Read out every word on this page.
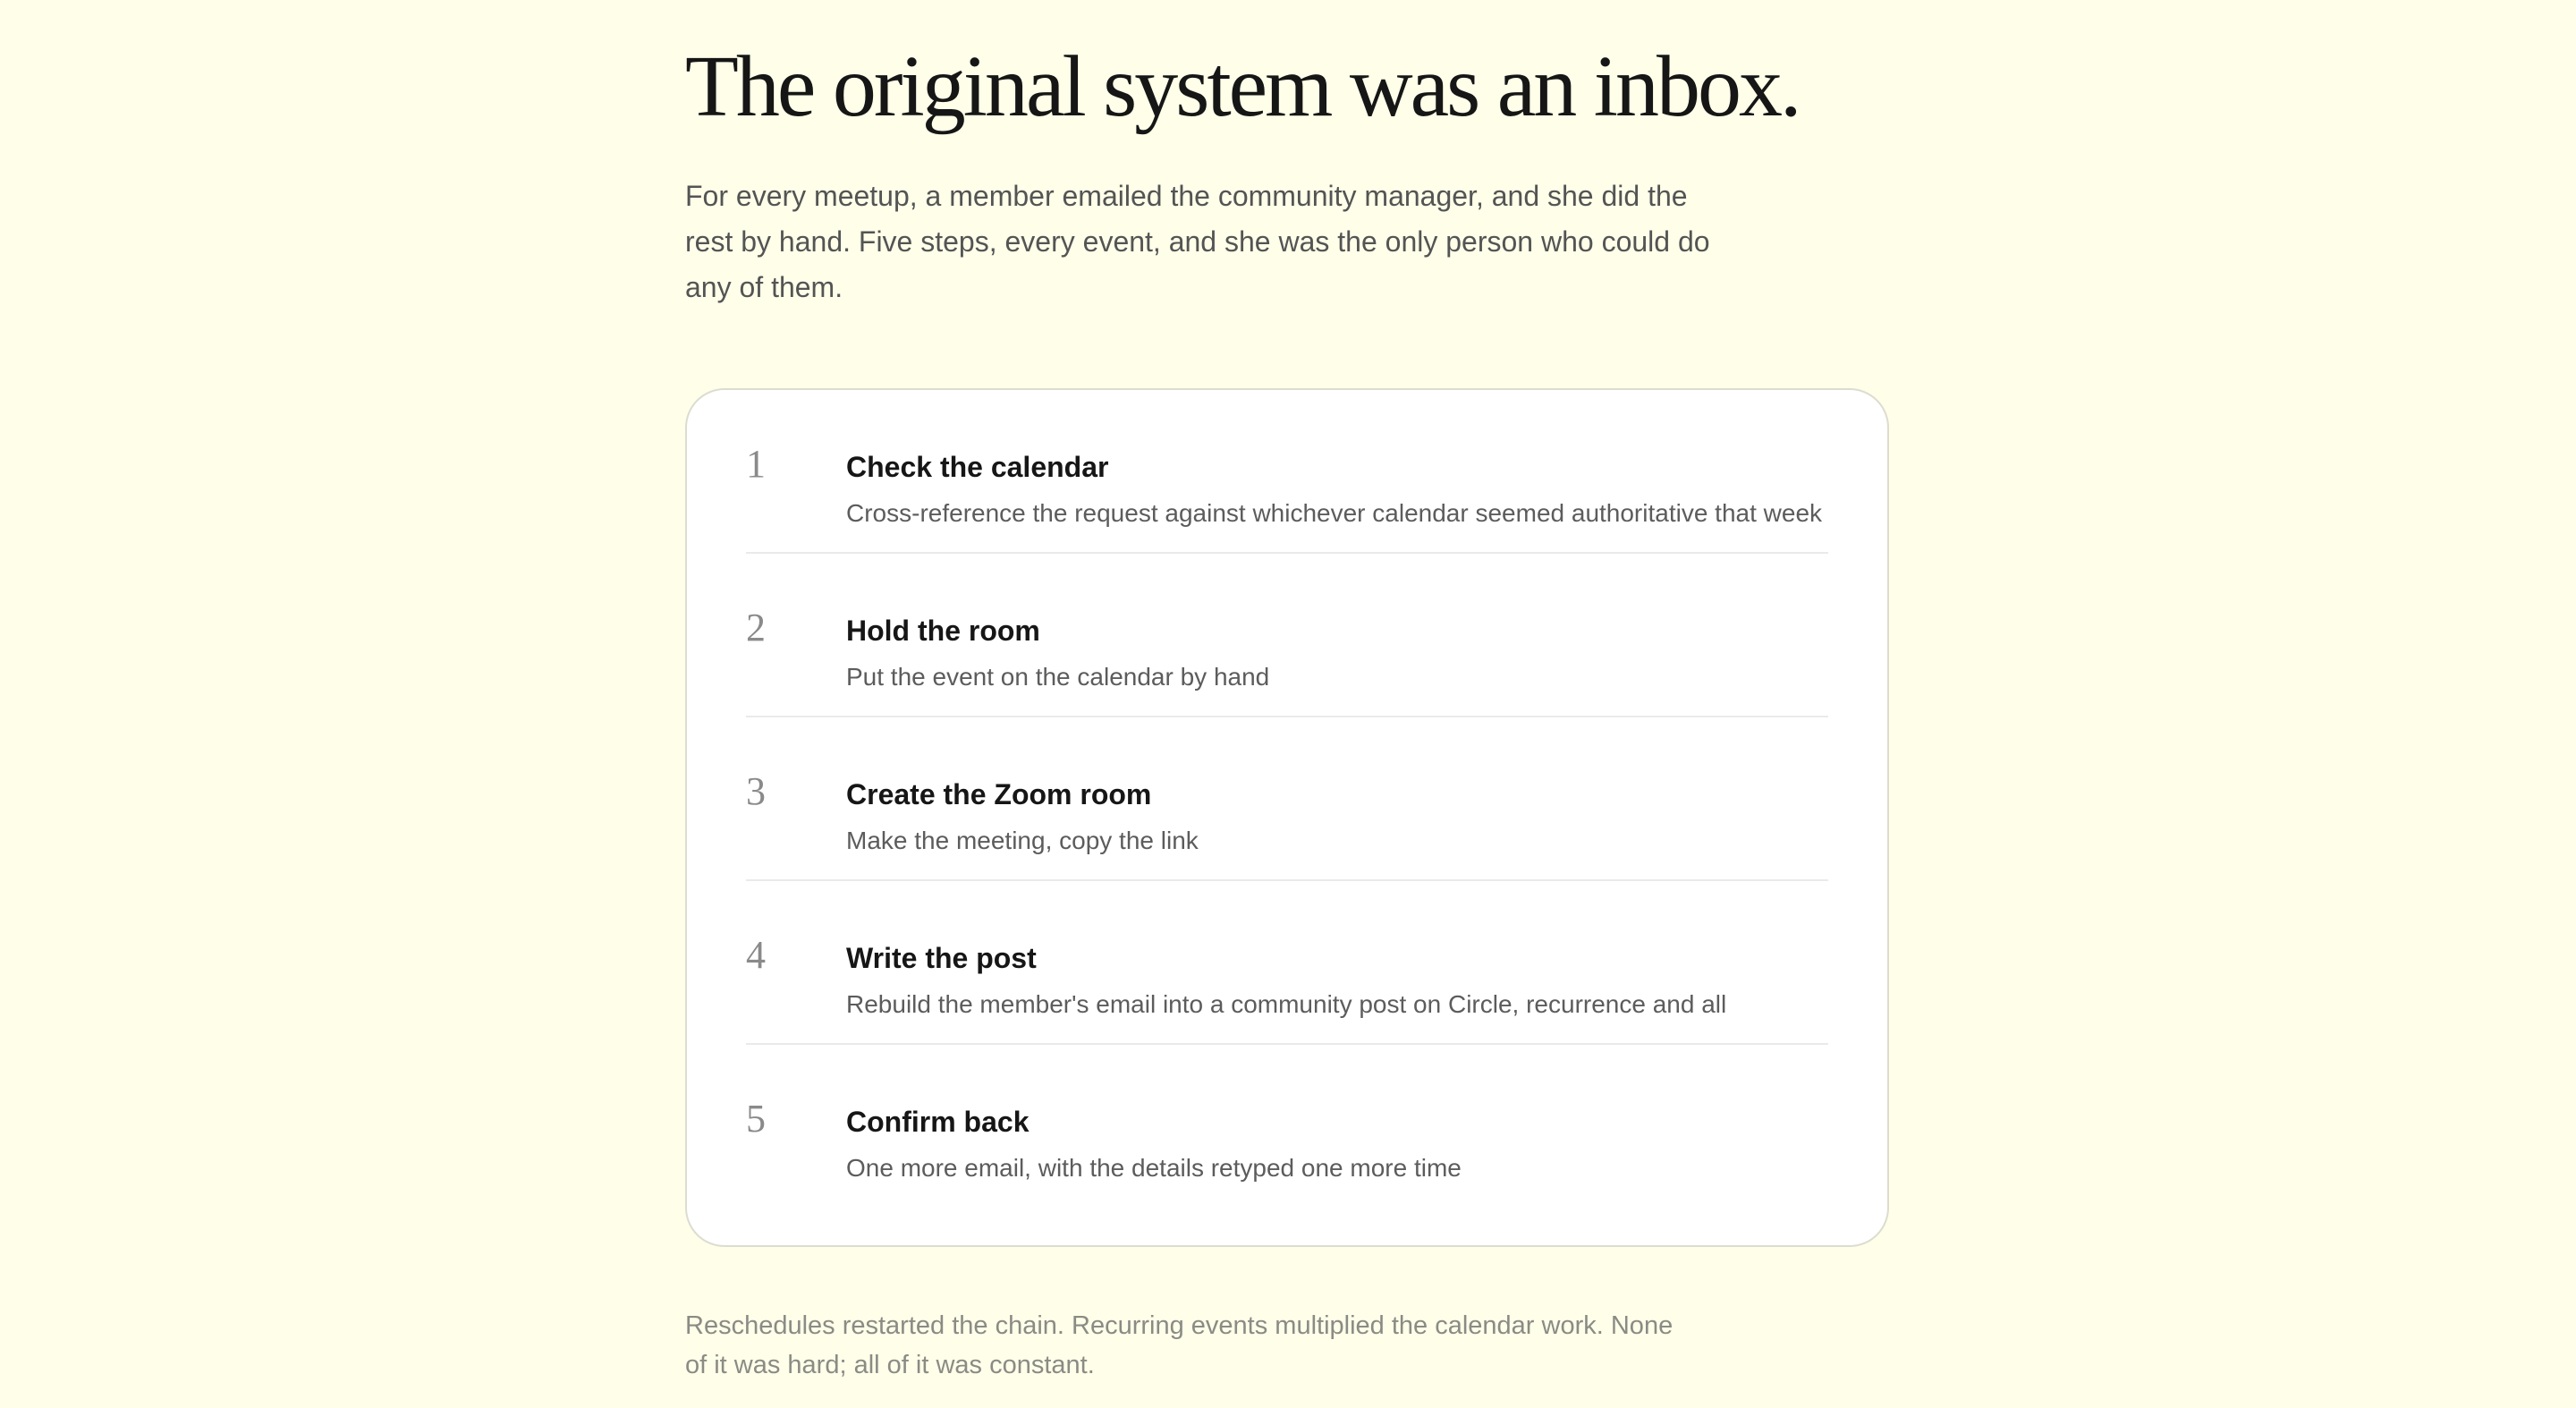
The original system was an inbox.

For every meetup, a member emailed the community manager, and she did the rest by hand. Five steps, every event, and she was the only person who could do any of them.

1	Check the calendar
Cross-reference the request against whichever calendar seemed authoritative that week
2	Hold the room
Put the event on the calendar by hand
3	Create the Zoom room
Make the meeting, copy the link
4	Write the post
Rebuild the member's email into a community post on Circle, recurrence and all
5	Confirm back
One more email, with the details retyped one more time

Reschedules restarted the chain. Recurring events multiplied the calendar work. None of it was hard; all of it was constant.
